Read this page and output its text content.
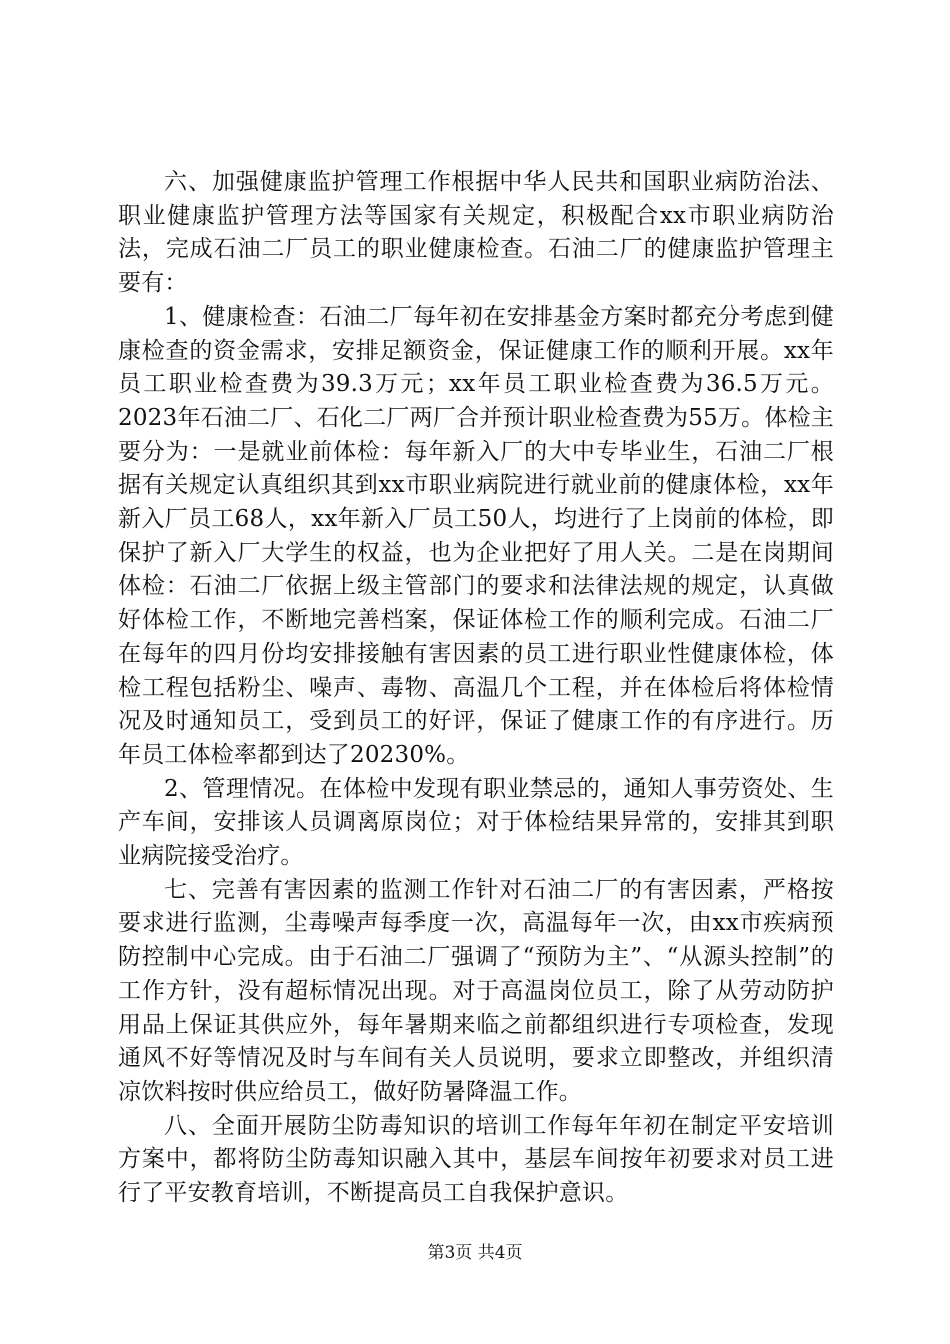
六、加强健康监护管理工作根据中华人民共和国职业病防治法、职业健康监护管理方法等国家有关规定，积极配合xx市职业病防治法，完成石油二厂员工的职业健康检查。石油二厂的健康监护管理主要有：

1、健康检查：石油二厂每年初在安排基金方案时都充分考虑到健康检查的资金需求，安排足额资金，保证健康工作的顺利开展。xx年员工职业检查费为39.3万元；xx年员工职业检查费为36.5万元。2023年石油二厂、石化二厂两厂合并预计职业检查费为55万。体检主要分为：一是就业前体检：每年新入厂的大中专毕业生，石油二厂根据有关规定认真组织其到xx市职业病院进行就业前的健康体检，xx年新入厂员工68人，xx年新入厂员工50人，均进行了上岗前的体检，即保护了新入厂大学生的权益，也为企业把好了用人关。二是在岗期间体检：石油二厂依据上级主管部门的要求和法律法规的规定，认真做好体检工作，不断地完善档案，保证体检工作的顺利完成。石油二厂在每年的四月份均安排接触有害因素的员工进行职业性健康体检，体检工程包括粉尘、噪声、毒物、高温几个工程，并在体检后将体检情况及时通知员工，受到员工的好评，保证了健康工作的有序进行。历年员工体检率都到达了20230%。

2、管理情况。在体检中发现有职业禁忌的，通知人事劳资处、生产车间，安排该人员调离原岗位；对于体检结果异常的，安排其到职业病院接受治疗。

七、完善有害因素的监测工作针对石油二厂的有害因素，严格按要求进行监测，尘毒噪声每季度一次，高温每年一次，由xx市疾病预防控制中心完成。由于石油二厂强调了“预防为主”、“从源头控制”的工作方针，没有超标情况出现。对于高温岗位员工，除了从劳动防护用品上保证其供应外，每年暑期来临之前都组织进行专项检查，发现通风不好等情况及时与车间有关人员说明，要求立即整改，并组织清凉饮料按时供应给员工，做好防暑降温工作。

八、全面开展防尘防毒知识的培训工作每年年初在制定平安培训方案中，都将防尘防毒知识融入其中，基层车间按年初要求对员工进行了平安教育培训，不断提高员工自我保护意识。

第3页 共4页
